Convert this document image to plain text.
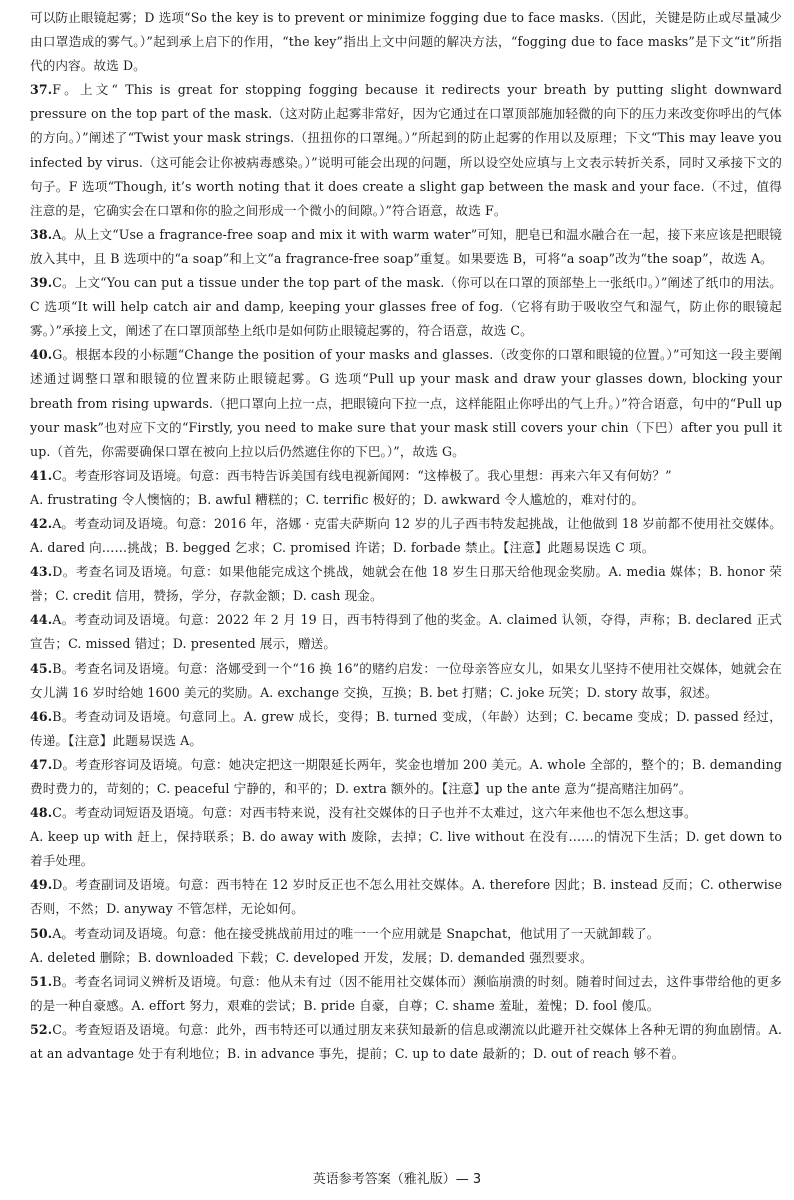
可以防止眼镜起雾；D 选项“So the key is to prevent or minimize fogging due to face masks.（因此，关键是防止或尽量减少由口罩造成的雾气。）”起到承上启下的作用，“the key”指出上文中问题的解决方法，“fogging due to face masks”是下文“it”所指代的内容。故选 D。

37.F。上文“ This is great for stopping fogging because it redirects your breath by putting slight downward pressure on the top part of the mask.（这对防止起雾非常好，因为它通过在口罩顶部施加轻微的向下的压力来改变你呼出的气体的方向。）”阐述了“Twist your mask strings.（扭扭你的口罩绳。）”所起到的防止起雾的作用以及原理；下文“This may leave you infected by virus.（这可能会让你被病毒感染。）”说明可能会出现的问题，所以设空处应填与上文表示转折关系，同时又承接下文的句子。F 选项“Though, it’s worth noting that it does create a slight gap between the mask and your face.（不过，值得注意的是，它确实会在口罩和你的脸之间形成一个微小的间隙。）”符合语意，故选 F。

38.A。从上文“Use a fragrance-free soap and mix it with warm water”可知，肥皂已和温水融合在一起，接下来应该是把眼镜放入其中，且 B 选项中的“a soap”和上文“a fragrance-free soap”重复。如果要选 B，可将“a soap”改为“the soap”，故选 A。

39.C。上文“You can put a tissue under the top part of the mask.（你可以在口罩的顶部垫上一张纸巾。）”阐述了纸巾的用法。C 选项“It will help catch air and damp, keeping your glasses free of fog.（它将有助于吸收空气和湿气，防止你的眼镜起雾。）”承接上文，阐述了在口罩顶部垫上纸巾是如何防止眼镜起雾的，符合语意，故选 C。

40.G。根据本段的小标题“Change the position of your masks and glasses.（改变你的口罩和眼镜的位置。）”可知这一段主要阐述通过调整口罩和眼镜的位置来防止眼镜起雾。G 选项“Pull up your mask and draw your glasses down, blocking your breath from rising upwards.（把口罩向上拉一点，把眼镜向下拉一点，这样能阻止你呼出的气上升。）”符合语意，句中的“Pull up your mask”也对应下文的“Firstly, you need to make sure that your mask still covers your chin（下巴）after you pull it up.（首先，你需要确保口罩在被向上拉以后仍然遮住你的下巴。）”，故选 G。

41.C。考查形容词及语境。句意：西韦特告诉美国有线电视新闻网：“这棒极了。我心里想：再来六年又有何妨？”
A. frustrating 令人懊恼的；B. awful 糟糕的；C. terrific 极好的；D. awkward 令人尴尬的，难对付的。

42.A。考查动词及语境。句意：2016 年，洛娜 · 克雷夫萨斯向 12 岁的儿子西韦特发起挑战，让他做到 18 岁前都不使用社交媒体。A. dared 向……挑战；B. begged 乞求；C. promised 许诺；D. forbade 禁止。【注意】此题易误选 C 项。

43.D。考查名词及语境。句意：如果他能完成这个挑战，她就会在他 18 岁生日那天给他现金奖励。A. media 媒体；B. honor 荣誉；C. credit 信用，赞扬，学分，存款金额；D. cash 现金。

44.A。考查动词及语境。句意：2022 年 2 月 19 日，西韦特得到了他的奖金。A. claimed 认领，夺得，声称；B. declared 正式宣告；C. missed 错过；D. presented 展示，赠送。

45.B。考查名词及语境。句意：洛娜受到一个“16 换 16”的赌约启发：一位母亲答应女儿，如果女儿坚持不使用社交媒体，她就会在女儿满 16 岁时给她 1600 美元的奖励。A. exchange 交换，互换；B. bet 打赌；C. joke 玩笑；D. story 故事，叙述。

46.B。考查动词及语境。句意同上。A. grew 成长，变得；B. turned 变成，（年龄）达到；C. became 变成；D. passed 经过，传递。【注意】此题易误选 A。

47.D。考查形容词及语境。句意：她决定把这一期限延长两年，奖金也增加 200 美元。A. whole 全部的，整个的；B. demanding 费时费力的，苛刻的；C. peaceful 宁静的，和平的；D. extra 额外的。【注意】up the ante 意为“提高赌注加码”。

48.C。考查动词短语及语境。句意：对西韦特来说，没有社交媒体的日子也并不太难过，这六年来他也不怎么想这事。
A. keep up with 赶上，保持联系；B. do away with 废除，去掉；C. live without 在没有……的情况下生活；D. get down to 着手处理。

49.D。考查副词及语境。句意：西韦特在 12 岁时反正也不怎么用社交媒体。A. therefore 因此；B. instead 反而；C. otherwise 否则，不然；D. anyway 不管怎样，无论如何。

50.A。考查动词及语境。句意：他在接受挑战前用过的唯一一个应用就是 Snapchat，他试用了一天就卸载了。
A. deleted 删除；B. downloaded 下载；C. developed 开发，发展；D. demanded 强烈要求。

51.B。考查名词词义辨析及语境。句意：他从未有过（因不能用社交媒体而）濒临崩溃的时刻。随着时间过去，这件事带给他的更多的是一种自豪感。A. effort 努力，艰难的尝试；B. pride 自豪，自尊；C. shame 羞耻，羞愧；D. fool 傻瓜。

52.C。考查短语及语境。句意：此外，西韦特还可以通过朋友来获知最新的信息或潮流以此避开社交媒体上各种无谓的狗血剧情。A. at an advantage 处于有利地位；B. in advance 事先，提前；C. up to date 最新的；D. out of reach 够不着。

英语参考答案（雅礼版）— 3
